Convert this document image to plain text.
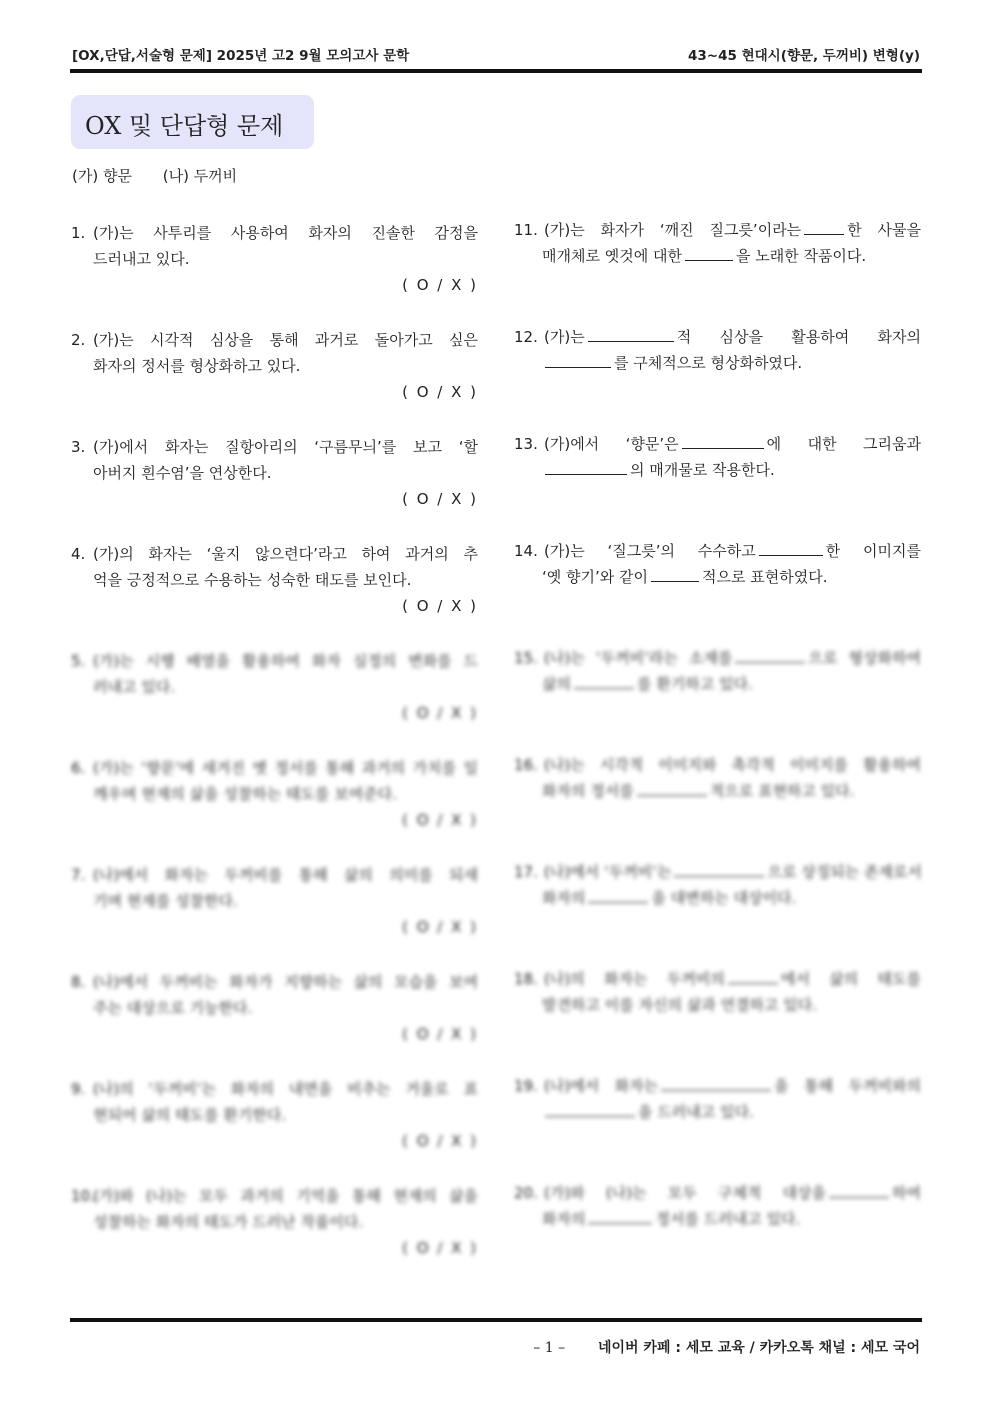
[OX,단답,서술형 문제] 2025년 고2 9월 모의고사 문학	43~45 현대시(향문, 두꺼비) 변형(y)
OX 및 단답형 문제
(가) 향문 (나) 두꺼비
1. (가)는 사투리를 사용하여 화자의 진솔한 감정을
드러내고 있다.
( O / X )
2. (가)는 시각적 심상을 통해 과거로 돌아가고 싶은
화자의 정서를 형상화하고 있다.
( O / X )
3. (가)에서 화자는 질항아리의 ‘구름무늬’를 보고 ‘할
아버지 흰수염’을 연상한다.
( O / X )
4. (가)의 화자는 ‘울지 않으련다’라고 하여 과거의 추
억을 긍정적으로 수용하는 성숙한 태도를 보인다.
( O / X )
5. (가)는 시행 배열을 활용하여 화자 심정의 변화를 드
러내고 있다.
( O / X )
6. (가)는 ‘향문’에 새겨진 옛 정서를 통해 과거의 가치를 일
깨우며 현재의 삶을 성찰하는 태도를 보여준다.
( O / X )
7. (나)에서 화자는 두꺼비를 통해 삶의 의미를 되새
기며 현재를 성찰한다.
( O / X )
8. (나)에서 두꺼비는 화자가 지향하는 삶의 모습을 보여
주는 대상으로 기능한다.
( O / X )
9. (나)의 ‘두꺼비’는 화자의 내면을 비추는 거울로 표
현되어 삶의 태도를 환기한다.
( O / X )
10.
(가)와 (나)는 모두 과거의 기억을 통해 현재의 삶을
성찰하는 화자의 태도가 드러난 작품이다.
( O / X )
11. (가)는 화자가 ‘깨진 질그릇’이라는	한 사물을
매개체로 옛것에 대한	을 노래한 작품이다.
12. (가)는	적 심상을 활용하여 화자의
를 구체적으로 형상화하였다.
13. (가)에서 ‘향문’은	에 대한 그리움과
의 매개물로 작용한다.
14. (가)는 ‘질그릇’의 수수하고	한 이미지를
‘옛 향기’와 같이	적으로 표현하였다.
15. (나)는 ‘두꺼비’라는 소재를	으로 형상화하여
삶의	를 환기하고 있다.
16. (나)는 시각적 이미지와 촉각적 이미지를 활용하여
화자의 정서를	적으로 표현하고 있다.
17. (나)에서 ‘두꺼비’는	으로 상징되는 존재로서
화자의	을 대변하는 대상이다.
18. (나)의 화자는 두꺼비의	에서 삶의 태도를
발견하고 이를 자신의 삶과 연결하고 있다.
19. (나)에서 화자는	을 통해 두꺼비와의
을 드러내고 있다.
20. (가)와 (나)는 모두 구체적 대상을	하여
화자의	정서를 드러내고 있다.
– 1 – 네이버 카페 : 세모 교육 / 카카오톡 채널 : 세모 국어
